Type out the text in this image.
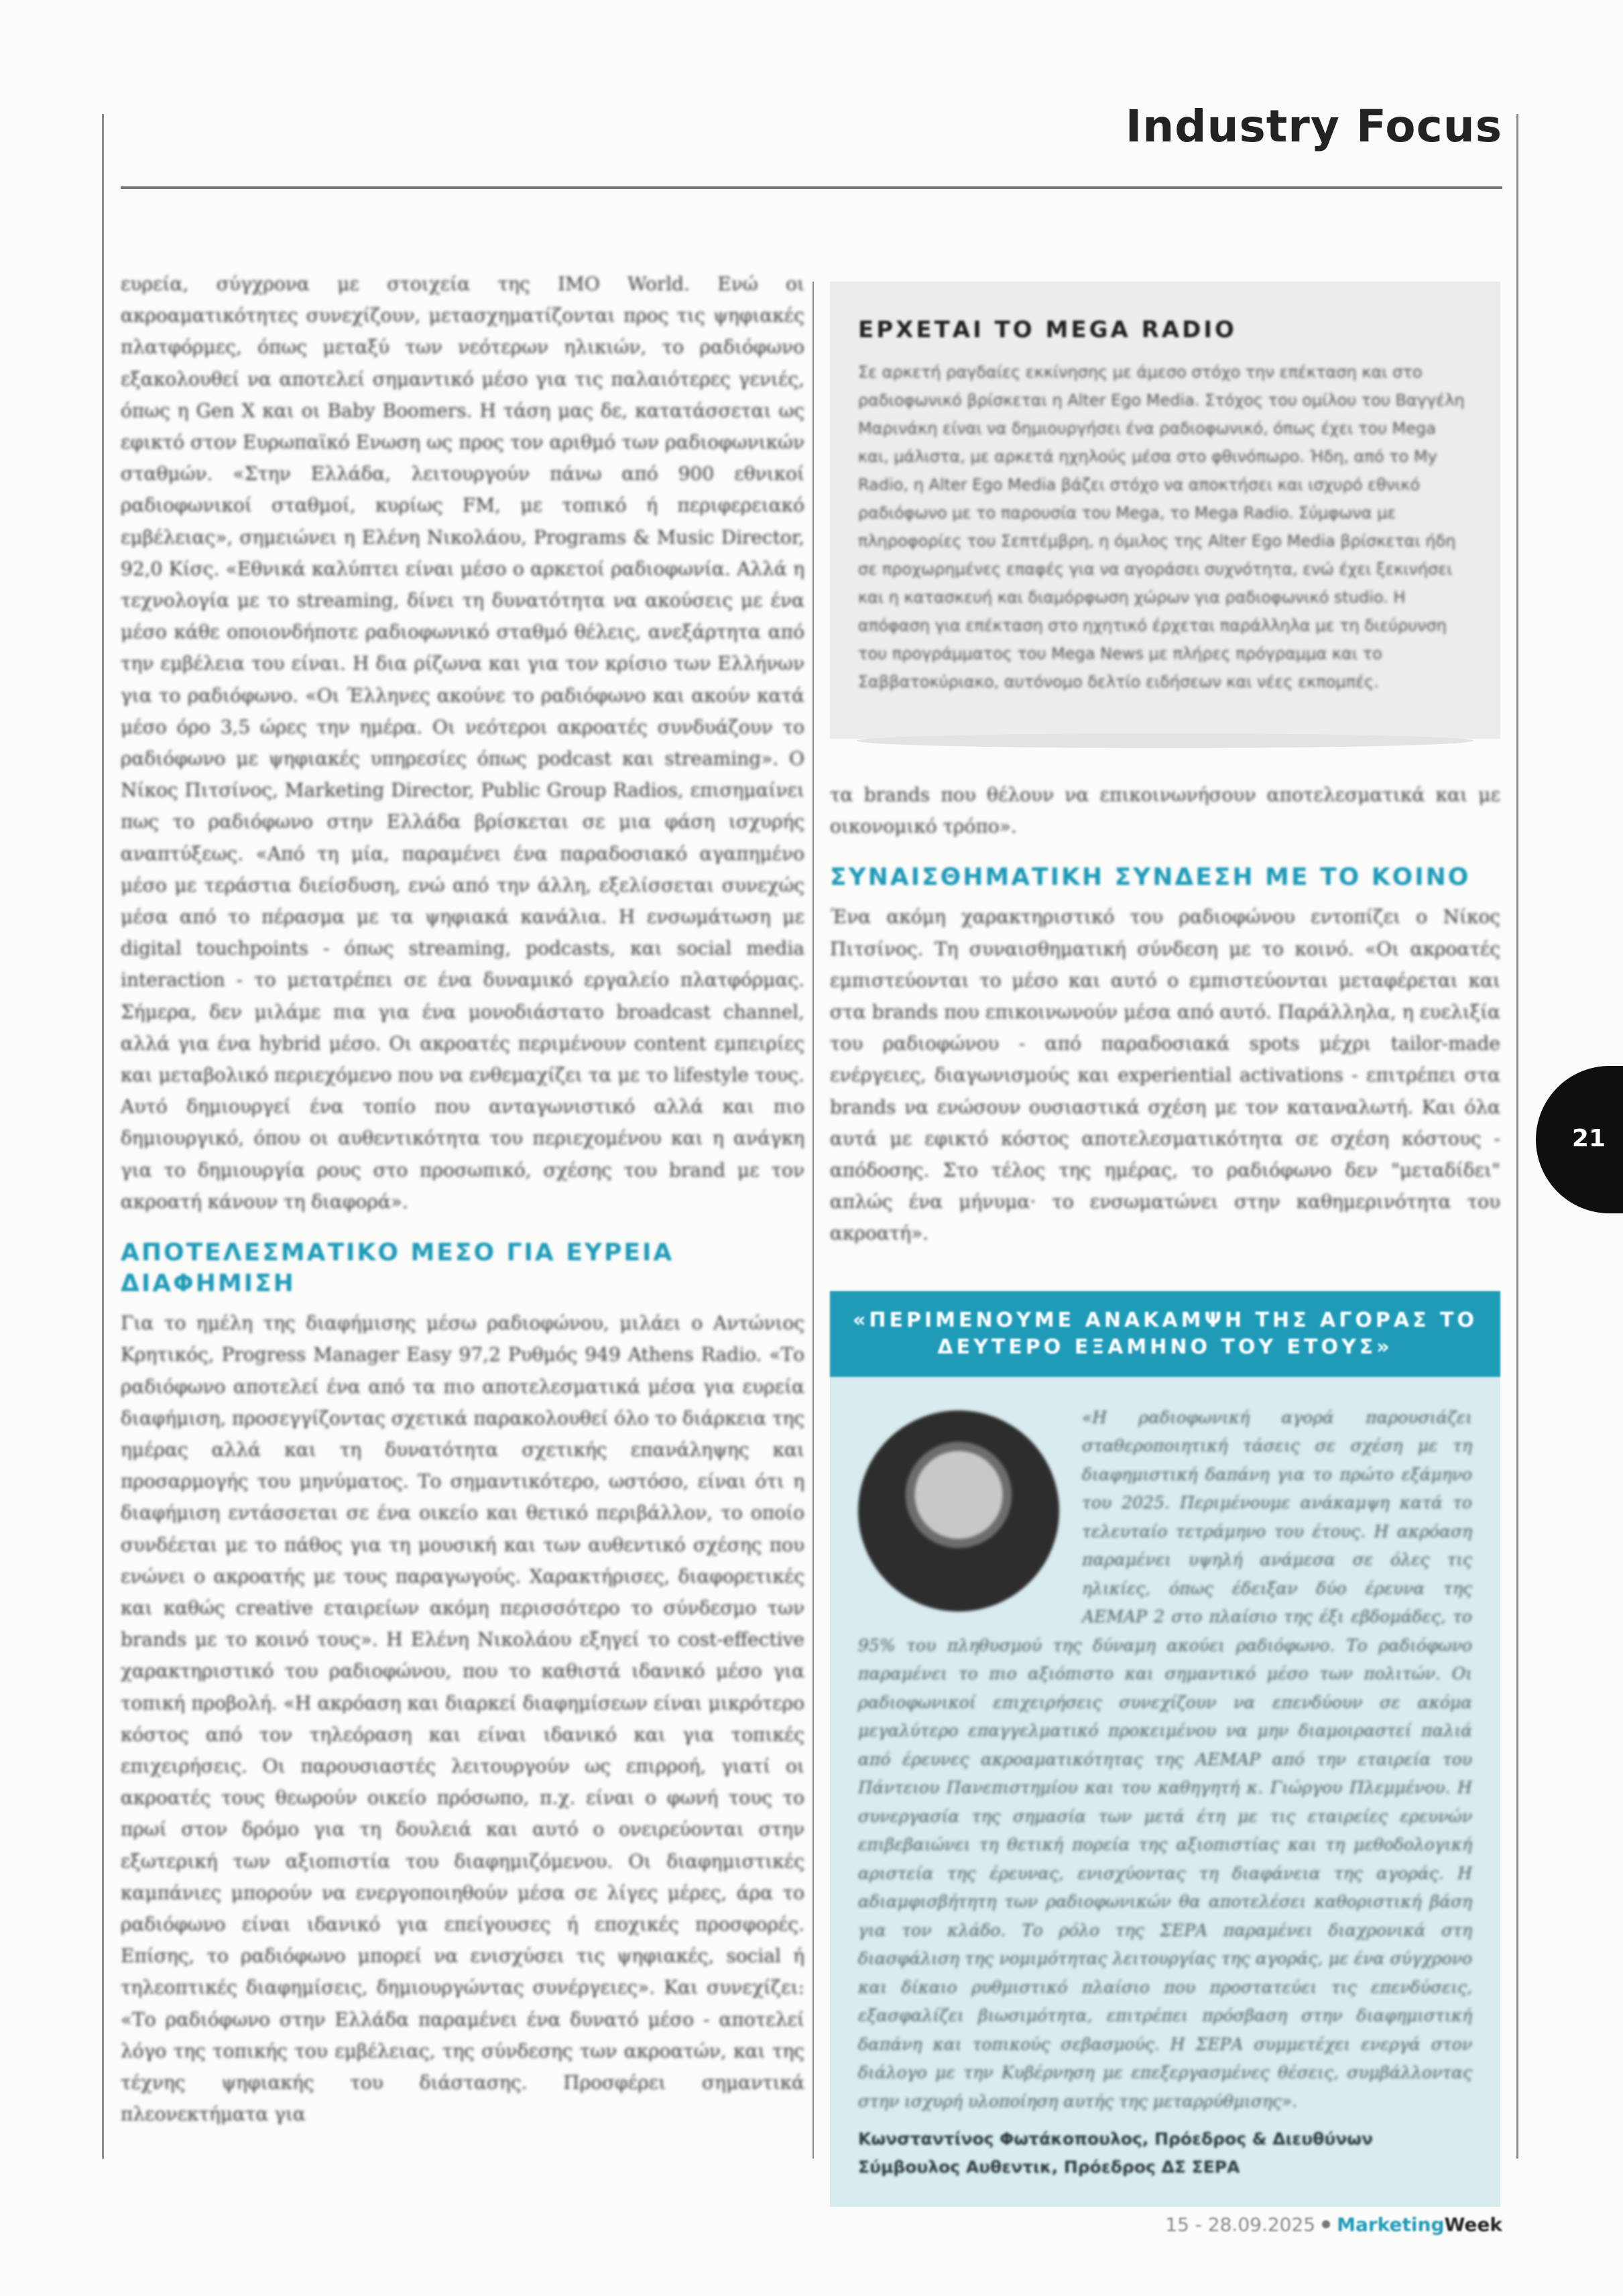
Industry Focus

ευρεία, σύγχρονα με στοιχεία της IMO World. Ενώ οι ακροαματικότητες συνεχίζουν, μετασχηματίζονται προς τις ψηφιακές πλατφόρμες, όπως μεταξύ των νεότερων ηλικιών, το ραδιόφωνο εξακολουθεί να αποτελεί σημαντικό μέσο για τις παλαιότερες γενιές, όπως η Gen X και οι Baby Boomers. Η τάση μας δε, κατατάσσεται ως εφικτό στον Ευρωπαϊκό Ενωση ως προς τον αριθμό των ραδιοφωνικών σταθμών. «Στην Ελλάδα, λειτουργούν πάνω από 900 εθνικοί ραδιοφωνικοί σταθμοί, κυρίως FM, με τοπικό ή περιφερειακό εμβέλειας», σημειώνει η Ελένη Νικολάου, Programs & Music Director, 92,0 Κίσς. «Εθνικά καλύπτει είναι μέσο ο αρκετοί ραδιοφωνία. Αλλά η τεχνολογία με το streaming, δίνει τη δυνατότητα να ακούσεις με ένα μέσο κάθε οποιονδήποτε ραδιοφωνικό σταθμό θέλεις, ανεξάρτητα από την εμβέλεια του είναι. Η δια ρίζωνα και για τον κρίσιο των Ελλήνων για το ραδιόφωνο. «Οι Έλληνες ακούνε το ραδιόφωνο και ακούν κατά μέσο όρο 3,5 ώρες την ημέρα. Οι νεότεροι ακροατές συνδυάζουν το ραδιόφωνο με ψηφιακές υπηρεσίες όπως podcast και streaming». Ο Νίκος Πιτσίνος, Marketing Director, Public Group Radios, επισημαίνει πως το ραδιόφωνο στην Ελλάδα βρίσκεται σε μια φάση ισχυρής αναπτύξεως. «Από τη μία, παραμένει ένα παραδοσιακό αγαπημένο μέσο με τεράστια διείσδυση, ενώ από την άλλη, εξελίσσεται συνεχώς μέσα από το πέρασμα με τα ψηφιακά κανάλια. Η ενσωμάτωση με digital touchpoints - όπως streaming, podcasts, και social media interaction - το μετατρέπει σε ένα δυναμικό εργαλείο πλατφόρμας. Σήμερα, δεν μιλάμε πια για ένα μονοδιάστατο broadcast channel, αλλά για ένα hybrid μέσο. Οι ακροατές περιμένουν content εμπειρίες και μεταβολικό περιεχόμενο που να ενθεμαχίζει τα με το lifestyle τους. Αυτό δημιουργεί ένα τοπίο που ανταγωνιστικό αλλά και πιο δημιουργικό, όπου οι αυθεντικότητα του περιεχομένου και η ανάγκη για το δημιουργία ρους στο προσωπικό, σχέσης του brand με τον ακροατή κάνουν τη διαφορά».

ΑΠΟΤΕΛΕΣΜΑΤΙΚΟ ΜΕΣΟ ΓΙΑ ΕΥΡΕΙΑ ΔΙΑΦΗΜΙΣΗ

Για το ημέλη της διαφήμισης μέσω ραδιοφώνου, μιλάει ο Αντώνιος Κρητικός, Progress Manager Easy 97,2 Ρυθμός 949 Athens Radio. «Το ραδιόφωνο αποτελεί ένα από τα πιο αποτελεσματικά μέσα για ευρεία διαφήμιση, προσεγγίζοντας σχετικά παρακολουθεί όλο το διάρκεια της ημέρας αλλά και τη δυνατότητα σχετικής επανάληψης και προσαρμογής του μηνύματος. Το σημαντικότερο, ωστόσο, είναι ότι η διαφήμιση εντάσσεται σε ένα οικείο και θετικό περιβάλλον, το οποίο συνδέεται με το πάθος για τη μουσική και των αυθεντικό σχέσης που ενώνει ο ακροατής με τους παραγωγούς. Χαρακτήρισες, διαφορετικές και καθώς creative εταιρείων ακόμη περισσότερο το σύνδεσμο των brands με το κοινό τους». Η Ελένη Νικολάου εξηγεί το cost-effective χαρακτηριστικό του ραδιοφώνου, που το καθιστά ιδανικό μέσο για τοπική προβολή. «Η ακρόαση και διαρκεί διαφημίσεων είναι μικρότερο κόστος από τον τηλεόραση και είναι ιδανικό και για τοπικές επιχειρήσεις. Οι παρουσιαστές λειτουργούν ως επιρροή, γιατί οι ακροατές τους θεωρούν οικείο πρόσωπο, π.χ. είναι ο φωνή τους το πρωί στον δρόμο για τη δουλειά και αυτό ο ονειρεύονται στην εξωτερική των αξιοπιστία του διαφημιζόμενου. Οι διαφημιστικές καμπάνιες μπορούν να ενεργοποιηθούν μέσα σε λίγες μέρες, άρα το ραδιόφωνο είναι ιδανικό για επείγουσες ή εποχικές προσφορές. Επίσης, το ραδιόφωνο μπορεί να ενισχύσει τις ψηφιακές, social ή τηλεοπτικές διαφημίσεις, δημιουργώντας συνέργειες». Και συνεχίζει: «Το ραδιόφωνο στην Ελλάδα παραμένει ένα δυνατό μέσο - αποτελεί λόγο της τοπικής του εμβέλειας, της σύνδεσης των ακροατών, και της τέχνης ψηφιακής του διάστασης. Προσφέρει σημαντικά πλεονεκτήματα για

ΕΡΧΕΤΑΙ ΤΟ MEGA RADIO

Σε αρκετή ραγδαίες εκκίνησης με άμεσο στόχο την επέκταση και στο ραδιοφωνικό βρίσκεται η Alter Ego Media. Στόχος του ομίλου του Βαγγέλη Μαρινάκη είναι να δημιουργήσει ένα ραδιοφωνικό, όπως έχει του Mega και, μάλιστα, με αρκετά ηχηλούς μέσα στο φθινόπωρο. Ήδη, από το My Radio, η Alter Ego Media βάζει στόχο να αποκτήσει και ισχυρό εθνικό ραδιόφωνο με το παρουσία του Mega, το Mega Radio. Σύμφωνα με πληροφορίες του Σεπτέμβρη, η όμιλος της Alter Ego Media βρίσκεται ήδη σε προχωρημένες επαφές για να αγοράσει συχνότητα, ενώ έχει ξεκινήσει και η κατασκευή και διαμόρφωση χώρων για ραδιοφωνικό studio. Η απόφαση για επέκταση στο ηχητικό έρχεται παράλληλα με τη διεύρυνση του προγράμματος του Mega News με πλήρες πρόγραμμα και το Σαββατοκύριακο, αυτόνομο δελτίο ειδήσεων και νέες εκπομπές.

τα brands που θέλουν να επικοινωνήσουν αποτελεσματικά και με οικονομικό τρόπο».

ΣΥΝΑΙΣΘΗΜΑΤΙΚΗ ΣΥΝΔΕΣΗ ΜΕ ΤΟ ΚΟΙΝΟ

Ένα ακόμη χαρακτηριστικό του ραδιοφώνου εντοπίζει ο Νίκος Πιτσίνος. Τη συναισθηματική σύνδεση με το κοινό. «Οι ακροατές εμπιστεύονται το μέσο και αυτό ο εμπιστεύονται μεταφέρεται και στα brands που επικοινωνούν μέσα από αυτό. Παράλληλα, η ευελιξία του ραδιοφώνου - από παραδοσιακά spots μέχρι tailor-made ενέργειες, διαγωνισμούς και experiential activations - επιτρέπει στα brands να ενώσουν ουσιαστικά σχέση με τον καταναλωτή. Και όλα αυτά με εφικτό κόστος αποτελεσματικότητα σε σχέση κόστους - απόδοσης. Στο τέλος της ημέρας, το ραδιόφωνο δεν "μεταδίδει" απλώς ένα μήνυμα· το ενσωματώνει στην καθημερινότητα του ακροατή».

«ΠΕΡΙΜΕΝΟΥΜΕ ΑΝΑΚΑΜΨΗ ΤΗΣ ΑΓΟΡΑΣ ΤΟ ΔΕΥΤΕΡΟ ΕΞΑΜΗΝΟ ΤΟΥ ΕΤΟΥΣ»

«Η ραδιοφωνική αγορά παρουσιάζει σταθεροποιητική τάσεις σε σχέση με τη διαφημιστική δαπάνη για το πρώτο εξάμηνο του 2025. Περιμένουμε ανάκαμψη κατά το τελευταίο τετράμηνο του έτους. Η ακρόαση παραμένει υψηλή ανάμεσα σε όλες τις ηλικίες, όπως έδειξαν δύο έρευνα της AEMAP 2 στο πλαίσιο της έξι εβδομάδες, το 95% του πληθυσμού της δύναμη ακούει ραδιόφωνο. Το ραδιόφωνο παραμένει το πιο αξιόπιστο και σημαντικό μέσο των πολιτών. Οι ραδιοφωνικοί επιχειρήσεις συνεχίζουν να επενδύουν σε ακόμα μεγαλύτερο επαγγελματικό προκειμένου να μην διαμοιραστεί παλιά από έρευνες ακροαματικότητας της AEMAP από την εταιρεία του Πάντειου Πανεπιστημίου και του καθηγητή κ. Γιώργου Πλεμμένου. Η συνεργασία της σημασία των μετά έτη με τις εταιρείες ερευνών επιβεβαιώνει τη θετική πορεία της αξιοπιστίας και τη μεθοδολογική αριστεία της έρευνας, ενισχύοντας τη διαφάνεια της αγοράς. Η αδιαμφισβήτητη των ραδιοφωνικών θα αποτελέσει καθοριστική βάση για τον κλάδο. Το ρόλο της ΣΕΡΑ παραμένει διαχρονικά στη διασφάλιση της νομιμότητας λειτουργίας της αγοράς, με ένα σύγχρονο και δίκαιο ρυθμιστικό πλαίσιο που προστατεύει τις επενδύσεις, εξασφαλίζει βιωσιμότητα, επιτρέπει πρόσβαση στην διαφημιστική δαπάνη και τοπικούς σεβασμούς. Η ΣΕΡΑ συμμετέχει ενεργά στον διάλογο με την Κυβέρνηση με επεξεργασμένες θέσεις, συμβάλλοντας στην ισχυρή υλοποίηση αυτής της μεταρρύθμισης».

Κωνσταντίνος Φωτάκοπουλος, Πρόεδρος & Διευθύνων Σύμβουλος Αυθεντικ, Πρόεδρος ΔΣ ΣΕΡΑ

21
15 - 28.09.2025 MarketingWeek
